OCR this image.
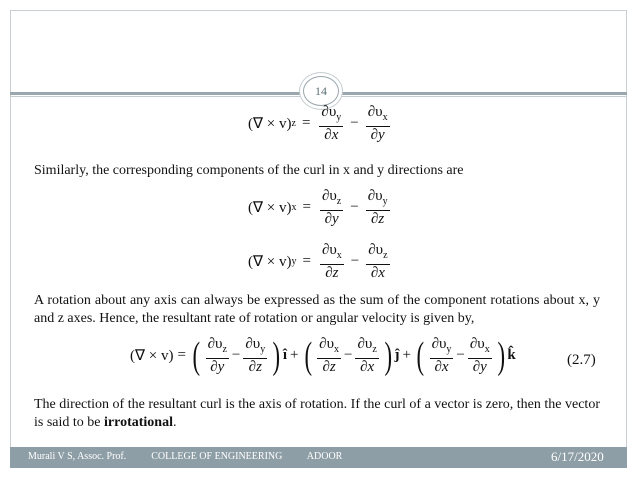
14
(∇ × v) $z = \frac{\partial\upsilon_y}{\partial x} - \frac{\partial\upsilon_x}{\partial y}$
Similarly, the corresponding components of the curl in x and y directions are
(∇ × v) $x = \frac{\partial\upsilon_z}{\partial y} - \frac{\partial\upsilon_y}{\partial z}$
(∇ × v) $y = \frac{\partial\upsilon_x}{\partial z} - \frac{\partial\upsilon_z}{\partial x}$
A rotation about any axis can always be expressed as the sum of the component rotations about x, y and z axes. Hence, the resultant rate of rotation or angular velocity is given by,
(∇ × v) = ( $\frac{\partial\upsilon_z}{\partial y} - \frac{\partial\upsilon_y}{\partial z}$ ) î + ( $\frac{\partial\upsilon_x}{\partial z} - \frac{\partial\upsilon_z}{\partial x}$ ) ĵ + ( $\frac{\partial\upsilon_y}{\partial x} - \frac{\partial\upsilon_x}{\partial y}$ ) k̂	(2.7)
The direction of the resultant curl is the axis of rotation. If the curl of a vector is zero, then the vector is said to be irrotational.
Murali V S, Assoc. Prof.          COLLEGE OF ENGINEERING          ADOOR	6/17/2020
